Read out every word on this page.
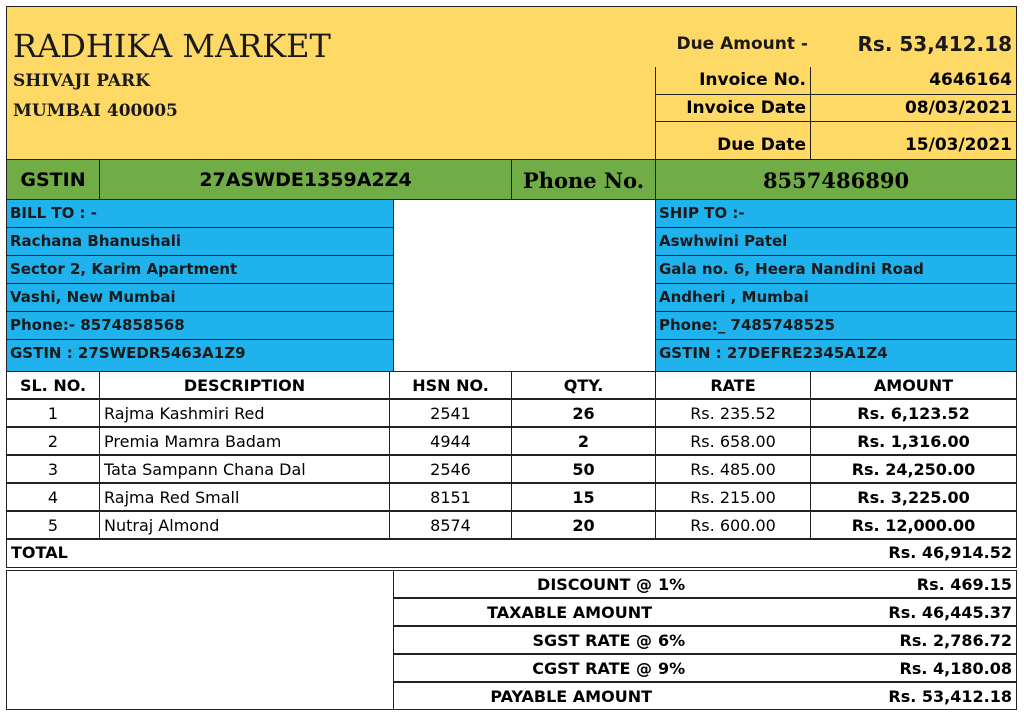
RADHIKA MARKET
SHIVAJI PARK
MUMBAI 400005
Due Amount -	Rs. 53,412.18
Invoice No.	4646164
Invoice Date	08/03/2021
Due Date	15/03/2021
GSTIN	27ASWDE1359A2Z4	Phone No.	8557486890
BILL TO : -
Rachana Bhanushali
Sector 2, Karim Apartment
Vashi, New Mumbai
Phone:- 8574858568
GSTIN : 27SWEDR5463A1Z9
SHIP TO :-
Aswhwini Patel
Gala no. 6, Heera Nandini Road
Andheri , Mumbai
Phone:_ 7485748525
GSTIN : 27DEFRE2345A1Z4
SL. NO.	DESCRIPTION	HSN NO.	QTY.	RATE	AMOUNT
1	Rajma Kashmiri Red	2541	26	Rs. 235.52	Rs. 6,123.52
2	Premia Mamra Badam	4944	2	Rs. 658.00	Rs. 1,316.00
3	Tata Sampann Chana Dal	2546	50	Rs. 485.00	Rs. 24,250.00
4	Rajma Red Small	8151	15	Rs. 215.00	Rs. 3,225.00
5	Nutraj Almond	8574	20	Rs. 600.00	Rs. 12,000.00
TOTAL	Rs. 46,914.52
DISCOUNT @ 1%	Rs. 469.15
TAXABLE AMOUNT	Rs. 46,445.37
SGST RATE @ 6%	Rs. 2,786.72
CGST RATE @ 9%	Rs. 4,180.08
PAYABLE AMOUNT	Rs. 53,412.18
